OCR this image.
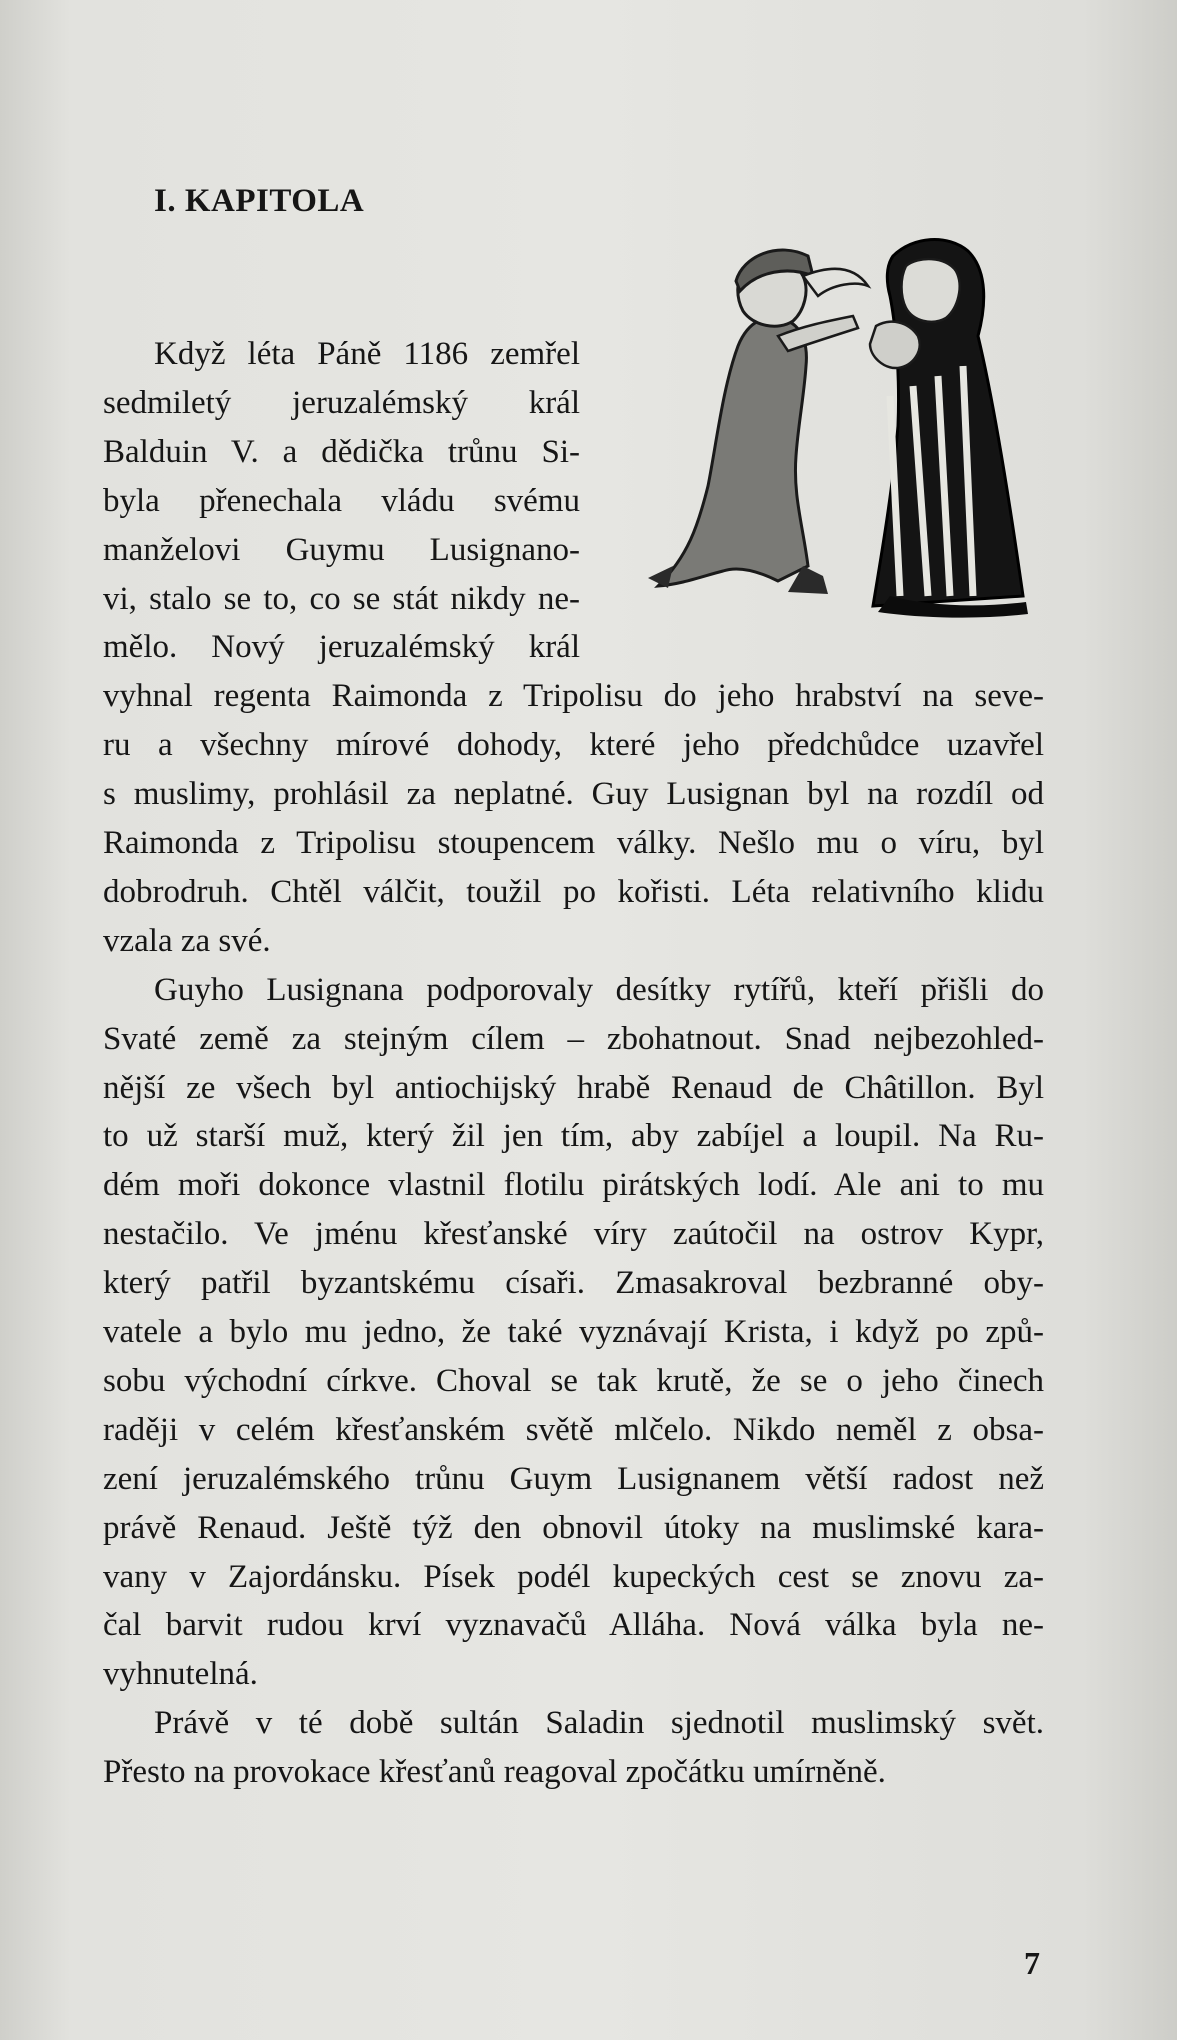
I. KAPITOLA
Když léta Páně 1186 zemřel
sedmiletý jeruzalémský král
Balduin V. a dědička trůnu Si-
byla přenechala vládu svému
manželovi Guymu Lusignano-
vi, stalo se to, co se stát nikdy ne-
mělo. Nový jeruzalémský král
vyhnal regenta Raimonda z Tripolisu do jeho hrabství na seve-
ru a všechny mírové dohody, které jeho předchůdce uzavřel
s muslimy, prohlásil za neplatné. Guy Lusignan byl na rozdíl od
Raimonda z Tripolisu stoupencem války. Nešlo mu o víru, byl
dobrodruh. Chtěl válčit, toužil po kořisti. Léta relativního klidu
vzala za své.
Guyho Lusignana podporovaly desítky rytířů, kteří přišli do
Svaté země za stejným cílem – zbohatnout. Snad nejbezohled-
nější ze všech byl antiochijský hrabě Renaud de Châtillon. Byl
to už starší muž, který žil jen tím, aby zabíjel a loupil. Na Ru-
dém moři dokonce vlastnil flotilu pirátských lodí. Ale ani to mu
nestačilo. Ve jménu křesťanské víry zaútočil na ostrov Kypr,
který patřil byzantskému císaři. Zmasakroval bezbranné oby-
vatele a bylo mu jedno, že také vyznávají Krista, i když po způ-
sobu východní církve. Choval se tak krutě, že se o jeho činech
raději v celém křesťanském světě mlčelo. Nikdo neměl z obsa-
zení jeruzalémského trůnu Guym Lusignanem větší radost než
právě Renaud. Ještě týž den obnovil útoky na muslimské kara-
vany v Zajordánsku. Písek podél kupeckých cest se znovu za-
čal barvit rudou krví vyznavačů Alláha. Nová válka byla ne-
vyhnutelná.
Právě v té době sultán Saladin sjednotil muslimský svět.
Přesto na provokace křesťanů reagoval zpočátku umírněně.
7
